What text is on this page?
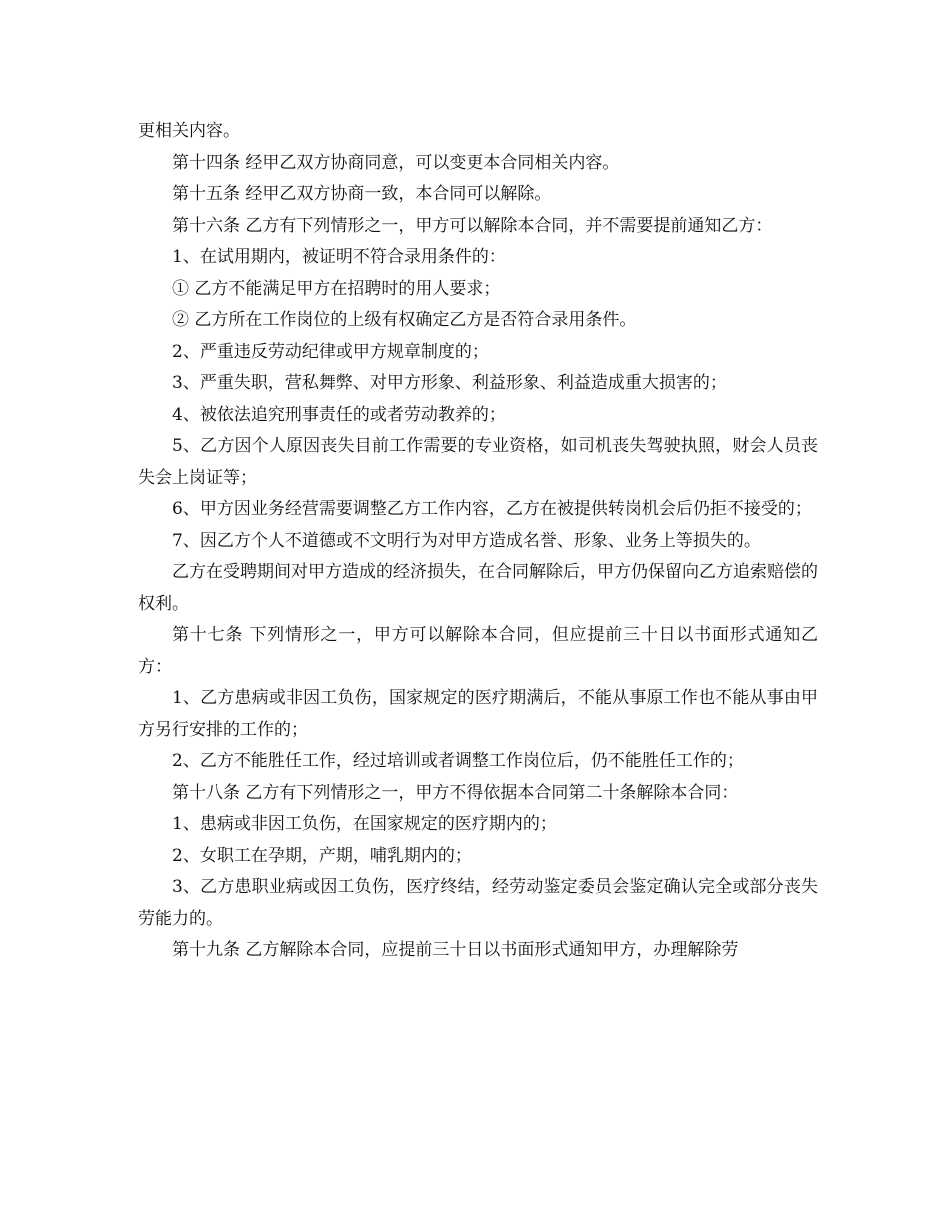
更相关内容。

第十四条 经甲乙双方协商同意，可以变更本合同相关内容。

第十五条 经甲乙双方协商一致，本合同可以解除。

第十六条 乙方有下列情形之一，甲方可以解除本合同，并不需要提前通知乙方：

1、在试用期内，被证明不符合录用条件的：

① 乙方不能满足甲方在招聘时的用人要求；

② 乙方所在工作岗位的上级有权确定乙方是否符合录用条件。

2、严重违反劳动纪律或甲方规章制度的；

3、严重失职，营私舞弊、对甲方形象、利益形象、利益造成重大损害的；

4、被依法追究刑事责任的或者劳动教养的；

5、乙方因个人原因丧失目前工作需要的专业资格，如司机丧失驾驶执照，财会人员丧失会上岗证等；

6、甲方因业务经营需要调整乙方工作内容，乙方在被提供转岗机会后仍拒不接受的；

7、因乙方个人不道德或不文明行为对甲方造成名誉、形象、业务上等损失的。

乙方在受聘期间对甲方造成的经济损失，在合同解除后，甲方仍保留向乙方追索赔偿的权利。

第十七条 下列情形之一，甲方可以解除本合同，但应提前三十日以书面形式通知乙方：

1、乙方患病或非因工负伤，国家规定的医疗期满后，不能从事原工作也不能从事由甲方另行安排的工作的；

2、乙方不能胜任工作，经过培训或者调整工作岗位后，仍不能胜任工作的；

第十八条 乙方有下列情形之一，甲方不得依据本合同第二十条解除本合同：

1、患病或非因工负伤，在国家规定的医疗期内的；

2、女职工在孕期，产期，哺乳期内的；

3、乙方患职业病或因工负伤，医疗终结，经劳动鉴定委员会鉴定确认完全或部分丧失劳能力的。

第十九条 乙方解除本合同，应提前三十日以书面形式通知甲方，办理解除劳
